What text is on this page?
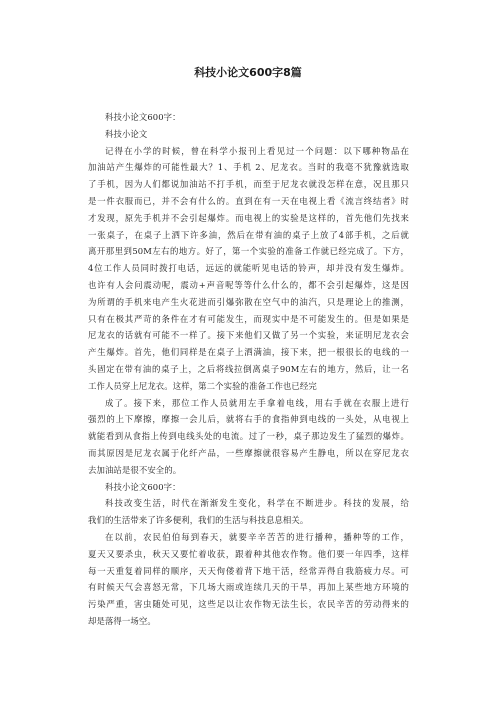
科技小论文600字8篇
科技小论文600字：
科技小论文
记得在小学的时候，曾在科学小报刊上看见过一个问题：以下哪种物品在
加油站产生爆炸的可能性最大？1、手机 2、尼龙衣。当时的我毫不犹豫就选取
了手机，因为人们都说加油站不打手机，而至于尼龙衣就没怎样在意，况且那只
是一件衣服而已，并不会有什么的。直到在有一天在电视上看《流言终结者》时
才发现，原先手机并不会引起爆炸。而电视上的实验是这样的，首先他们先找来
一张桌子，在桌子上洒下许多油，然后在带有油的桌子上放了4部手机，之后就
离开那里到50M左右的地方。好了，第一个实验的准备工作就已经完成了。下方，
4位工作人员同时拨打电话，远远的就能听见电话的铃声，却并没有发生爆炸。
也许有人会问震动呢，震动+声音呢等等什么什么的，都不会引起爆炸，这是因
为所谓的手机来电产生火花进而引爆弥散在空气中的油汽，只是理论上的推测，
只有在极其严苛的条件在才有可能发生，而现实中是不可能发生的。但是如果是
尼龙衣的话就有可能不一样了。接下来他们又做了另一个实验，来证明尼龙衣会
产生爆炸。首先，他们同样是在桌子上洒满油，接下来，把一根很长的电线的一
头固定在带有油的桌子上，之后将线拉倒离桌子90M左右的地方，然后，让一名
工作人员穿上尼龙衣。这样，第二个实验的准备工作也已经完
成了。接下来，那位工作人员就用左手拿着电线，用右手就在衣服上进行
强烈的上下摩擦，摩擦一会儿后，就将右手的食指伸到电线的一头处，从电视上
就能看到从食指上传到电线头处的电流。过了一秒，桌子那边发生了猛烈的爆炸。
而其原因是尼龙衣属于化纤产品，一些摩擦就很容易产生静电，所以在穿尼龙衣
去加油站是很不安全的。
科技小论文600字：
科技改变生活，时代在渐渐发生变化，科学在不断进步。科技的发展，给
我们的生活带来了许多便利，我们的生活与科技息息相关。
在以前，农民伯伯每到春天，就要辛辛苦苦的进行播种，播种等的工作，
夏天又要杀虫，秋天又要忙着收获，跟着种其他农作物。他们要一年四季，这样
每一天重复着同样的顺序，天天佝偻着背下地干活，经常弄得自我筋疲力尽。可
有时候天气会喜怒无常，下几场大雨或连续几天的干旱，再加上某些地方环境的
污染严重，害虫随处可见，这些足以让农作物无法生长，农民辛苦的劳动得来的
却是落得一场空。
